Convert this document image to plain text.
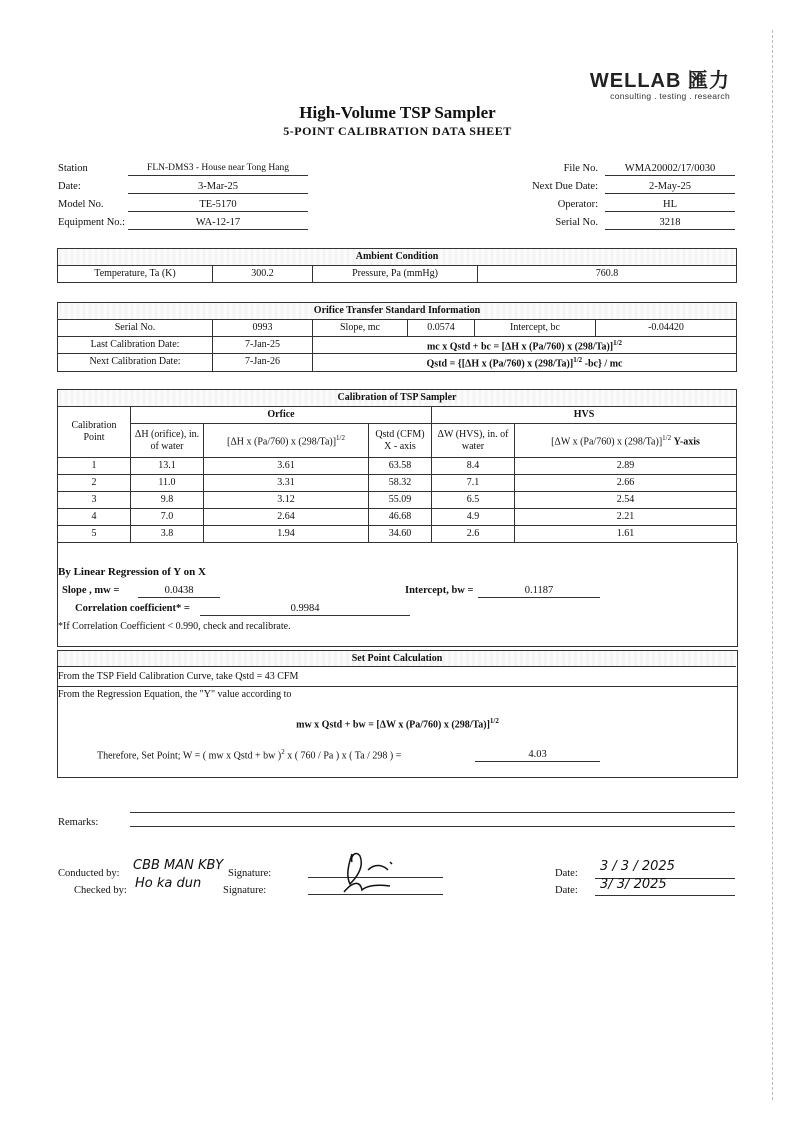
WELLAB 匯力
consulting . testing . research
High-Volume TSP Sampler
5-POINT CALIBRATION DATA SHEET
Station	FLN-DMS3 - House near Tong Hang
Date:	3-Mar-25
Model No.	TE-5170
Equipment No.:	WA-12-17
File No.	WMA20002/17/0030
Next Due Date:	2-May-25
Operator:	HL
Serial No.	3218
Ambient Condition
Temperature, Ta (K)	300.2	Pressure, Pa (mmHg)	760.8
Orifice Transfer Standard Information					
Serial No.	0993	Slope, mc	0.0574	Intercept, bc	-0.04420
Last Calibration Date:	7-Jan-25	mc x Qstd + bc = [ΔH x (Pa/760) x (298/Ta)]$^{1/2}$
Next Calibration Date:	7-Jan-26	Qstd = {[ΔH x (Pa/760) x (298/Ta)]$^{1/2}$ -bc} / mc			
Calibration of TSP Sampler					
Calibration Point	Orfice			HVS	
	ΔH (orifice), in. of water	[ΔH x (Pa/760) x (298/Ta)]$^{1/2}$	Qstd (CFM) X - axis	ΔW (HVS), in. of water	[ΔW x (Pa/760) x (298/Ta)]$^{1/2}$ Y-axis
1	13.1	3.61	63.58	8.4	2.89
2	11.0	3.31	58.32	7.1	2.66
3	9.8	3.12	55.09	6.5	2.54
4	7.0	2.64	46.68	4.9	2.21
5	3.8	1.94	34.60	2.6	1.61
By Linear Regression of Y on X
Slope , mw =	0.0438	Intercept, bw =	0.1187
Correlation coefficient* =	0.9984
*If Correlation Coefficient < 0.990, check and recalibrate.
Set Point Calculation
From the TSP Field Calibration Curve, take Qstd = 43 CFM
From the Regression Equation, the "Y" value according to
mw x Qstd + bw = [ΔW x (Pa/760) x (298/Ta)]$^{1/2}$
Therefore, Set Point; W = ( mw x Qstd + bw )$^2$ x ( 760 / Pa ) x ( Ta / 298 ) =	4.03
Remarks:
Conducted by:
CBB MAN KBY
Signature:
Checked by: Ho ka dun Signature:
Date: 3 / 3 / 2025
Date: 3/ 3/ 2025
